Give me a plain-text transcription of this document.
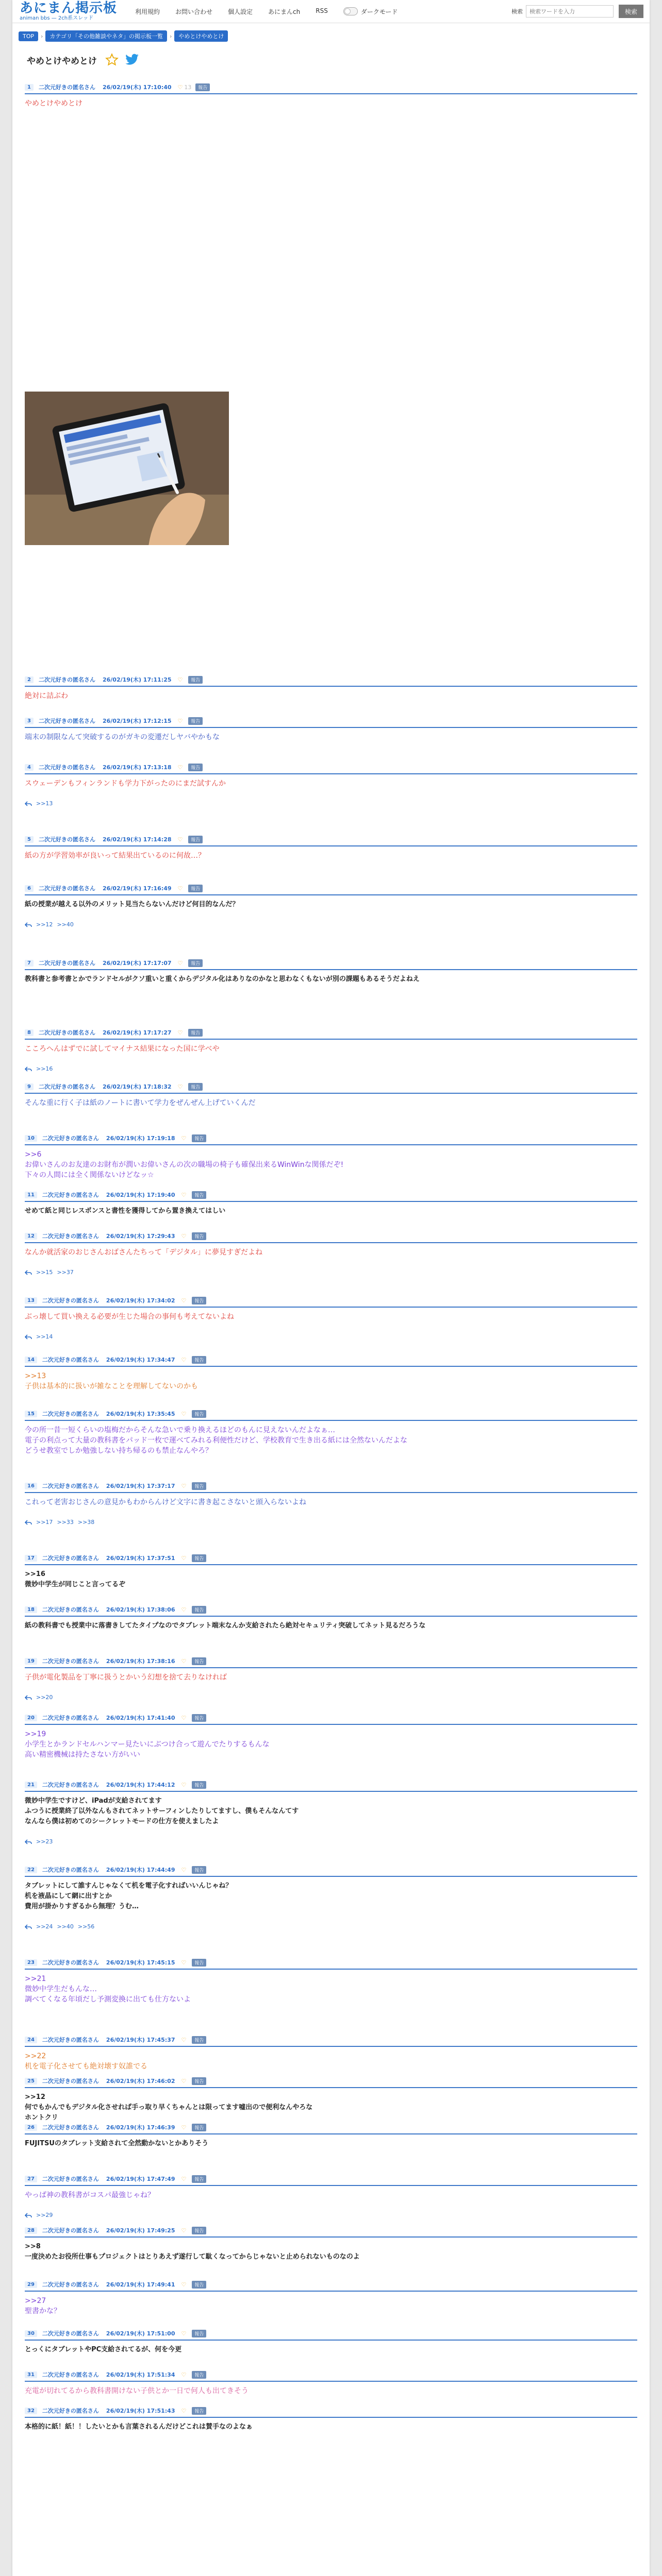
あにまん掲示板
animan bbs — 2ch系スレッド
利用規約	お問い合わせ	個人設定	あにまんch	RSS	ダークモード	検索
検索ワードを入力	検索
TOP	›	カテゴリ「その他雑談やネタ」の掲示板一覧	›	やめとけやめとけ
やめとけやめとけ
1	二次元好きの匿名さん 26/02/19(木) 17:10:40 ♡ 13	報告
やめとけやめとけ
2	二次元好きの匿名さん 26/02/19(木) 17:11:25 ♡	報告
絶対に詰ぶわ
3	二次元好きの匿名さん 26/02/19(木) 17:12:15 ♡	報告
端末の制限なんて突破するのがガキの変遷だしヤバやかもな
4	二次元好きの匿名さん 26/02/19(木) 17:13:18 ♡	報告
スウェーデンもフィンランドも学力下がったのにまだ試すんか
>>13
5	二次元好きの匿名さん 26/02/19(木) 17:14:28 ♡	報告
紙の方が学習効率が良いって結果出ているのに何故…？
6	二次元好きの匿名さん 26/02/19(木) 17:16:49 ♡	報告
紙の授業が越える以外のメリット見当たらないんだけど何目的なんだ？
>>12 >>40
7	二次元好きの匿名さん 26/02/19(木) 17:17:07 ♡	報告
教科書と参考書とかでランドセルがクソ重いと重くからデジタル化はありなのかなと思わなくもないが別の課題もあるそうだよねえ
8	二次元好きの匿名さん 26/02/19(木) 17:17:27 ♡	報告
こころへんはずでに試してマイナス結果になった国に学べや
>>16
9	二次元好きの匿名さん 26/02/19(木) 17:18:32 ♡	報告
そんな重に行く子は紙のノートに書いて学力をぜんぜん上げていくんだ
10	二次元好きの匿名さん 26/02/19(木) 17:19:18 ♡	報告
>>6
お偉いさんのお友達のお財布が潤いお偉いさんの次の職場の椅子も確保出来るWinWinな関係だぞ!
下々の人間には全く関係ないけどなッ☆
11	二次元好きの匿名さん 26/02/19(木) 17:19:40 ♡	報告
せめて紙と同じレスポンスと書性を獲得してから置き換えてはしい
12	二次元好きの匿名さん 26/02/19(木) 17:29:43 ♡	報告
なんか就活家のおじさんおばさんたちって「デジタル」に夢見すぎだよね
>>15 >>37
13	二次元好きの匿名さん 26/02/19(木) 17:34:02 ♡	報告
ぶっ壊して買い換える必要が生じた場合の事何も考えてないよね
>>14
14	二次元好きの匿名さん 26/02/19(木) 17:34:47 ♡	報告
>>13
子供は基本的に扱いが雑なことを理解してないのかも
15	二次元好きの匿名さん 26/02/19(木) 17:35:45 ♡	報告
今の所一昔一短くらいの塩梅だからそんな急いで乗り換えるほどのもんに見えないんだよなぁ…
電子の利点って大量の教科書をパッド一枚で運べてみれる利便性だけど、学校教育で生き出る紙には全然ないんだよな
どうせ教室でしか勉強しない持ち帰るのも禁止なんやろ？
16	二次元好きの匿名さん 26/02/19(木) 17:37:17 ♡	報告
これって老害おじさんの意見かもわからんけど文字に書き起こさないと頭入らないよね
>>17 >>33 >>38
17	二次元好きの匿名さん 26/02/19(木) 17:37:51 ♡	報告
>>16
微妙中学生が同じこと言ってるぞ
18	二次元好きの匿名さん 26/02/19(木) 17:38:06 ♡	報告
紙の教科書でも授業中に落書きしてたタイプなのでタブレット端末なんか支給されたら絶対セキュリティ突破してネット見るだろうな
19	二次元好きの匿名さん 26/02/19(木) 17:38:16 ♡	報告
子供が電化製品を丁寧に扱うとかいう幻想を捨て去りなければ
>>20
20	二次元好きの匿名さん 26/02/19(木) 17:41:40 ♡	報告
>>19
小学生とかランドセルハンマー見たいにぶつけ合って遊んでたりするもんな
高い精密機械は持たさない方がいい
21	二次元好きの匿名さん 26/02/19(木) 17:44:12 ♡	報告
微妙中学生ですけど、iPadが支給されてます
ふつうに授業終了以外なんもされてネットサーフィンしたりしてますし、僕もそんなんてす
なんなら僕は初めてのシークレットモードの仕方を使えましたよ
>>23
22	二次元好きの匿名さん 26/02/19(木) 17:44:49 ♡	報告
タブレットにして誰すんじゃなくて机を電子化すればいいんじゃね？
机を液晶にして網に出すとか
費用が掛かりすぎるから無理？うむ…
>>24 >>40 >>56
23	二次元好きの匿名さん 26/02/19(木) 17:45:15 ♡	報告
>>21
微妙中学生だもんな…
調べてくなる年頃だし予測変換に出ても仕方ないよ
24	二次元好きの匿名さん 26/02/19(木) 17:45:37 ♡	報告
>>22
机を電子化させても絶対壊す奴誰でる
25	二次元好きの匿名さん 26/02/19(木) 17:46:02 ♡	報告
>>12
何でもかんでもデジタル化させれば手っ取り早くちゃんとは限ってます嘘出ので便利なんやろな
ホントクリ
26	二次元好きの匿名さん 26/02/19(木) 17:46:39 ♡	報告
FUJITSUのタブレット支給されて全然動かないとかありそう
27	二次元好きの匿名さん 26/02/19(木) 17:47:49 ♡	報告
やっぱ神の教科書がコスパ最強じゃね？
>>29
28	二次元好きの匿名さん 26/02/19(木) 17:49:25 ♡	報告
>>8
一度決めたお役所仕事もプロジェクトはとりあえず遂行して駄くなってからじゃないと止められないものなのよ
29	二次元好きの匿名さん 26/02/19(木) 17:49:41 ♡	報告
>>27
聖書かな？
30	二次元好きの匿名さん 26/02/19(木) 17:51:00 ♡	報告
とっくにタブレットやPC支給されてるが、何を今更
31	二次元好きの匿名さん 26/02/19(木) 17:51:34 ♡	報告
充電が切れてるから教科書開けない子供とか一日で何人も出てきそう
32	二次元好きの匿名さん 26/02/19(木) 17:51:43 ♡	報告
本格的に紙！紙！！したいとかも言葉されるんだけどこれは賛手なのよなぁ
